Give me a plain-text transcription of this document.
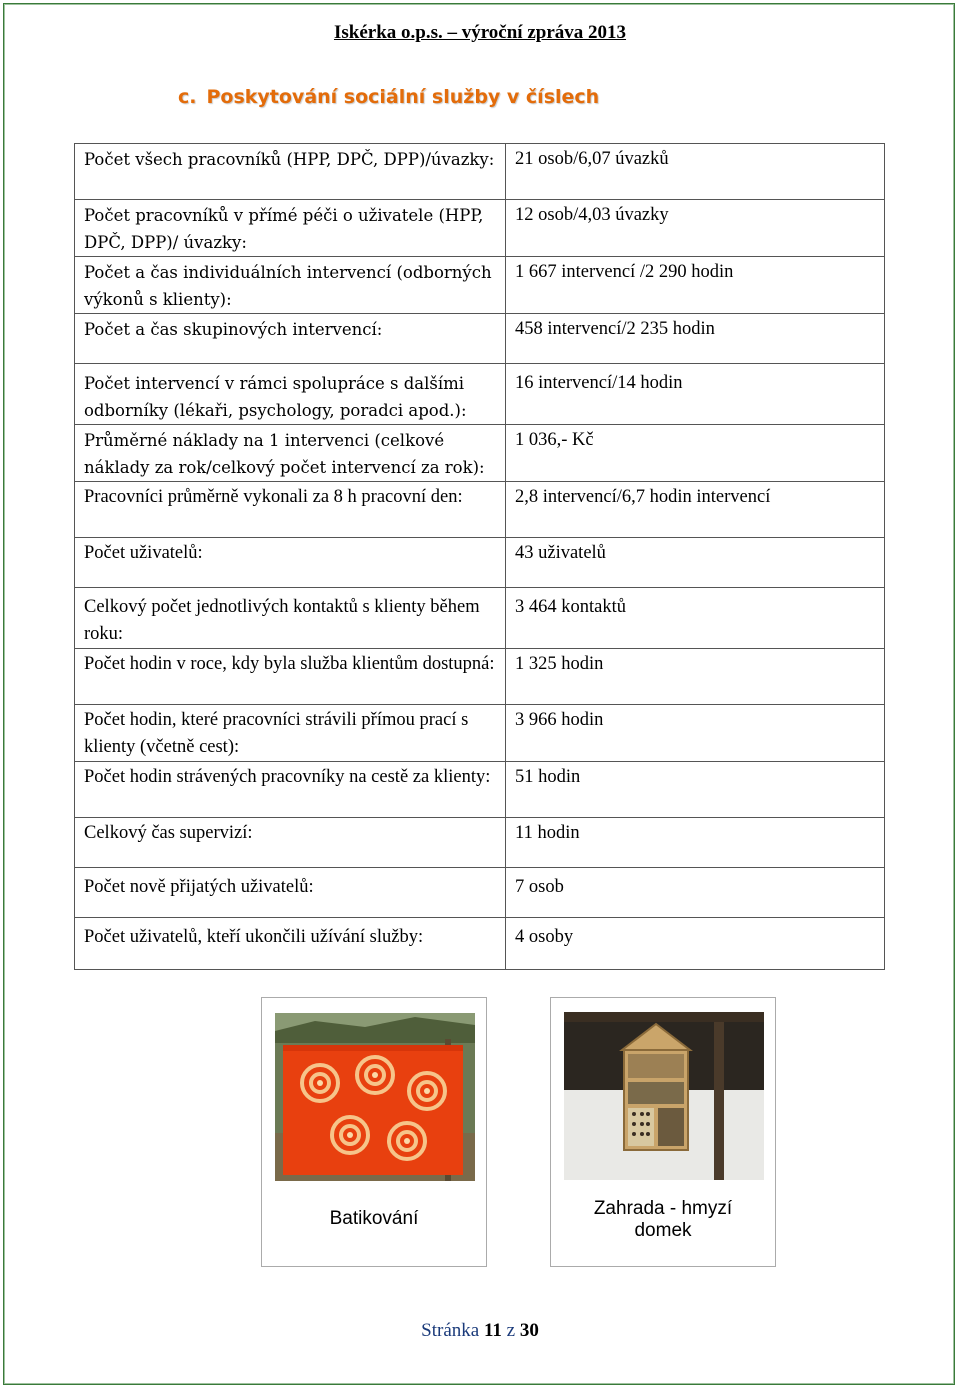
Iskérka o.p.s. – výroční zpráva 2013
c. Poskytování sociální služby v číslech
Počet všech pracovníků (HPP, DPČ, DPP)/úvazky:	21 osob/6,07 úvazků
Počet pracovníků v přímé péči o uživatele (HPP, DPČ, DPP)/ úvazky:	12 osob/4,03 úvazky
Počet a čas individuálních intervencí (odborných výkonů s klienty):	1 667 intervencí /2 290 hodin
Počet a čas skupinových intervencí:	458 intervencí/2 235 hodin
Počet intervencí v rámci spolupráce s dalšími odborníky (lékaři, psychology, poradci apod.):	16 intervencí/14 hodin
Průměrné náklady na 1 intervenci (celkové náklady za rok/celkový počet intervencí za rok):	1 036,- Kč
Pracovníci průměrně vykonali za 8 h pracovní den:	2,8 intervencí/6,7 hodin intervencí
Počet uživatelů:	43 uživatelů
Celkový počet jednotlivých kontaktů s klienty během roku:	3 464 kontaktů
Počet hodin v roce, kdy byla služba klientům dostupná:	1 325 hodin
Počet hodin, které pracovníci strávili přímou prací s klienty (včetně cest):	3 966 hodin
Počet hodin strávených pracovníky na cestě za klienty:	51 hodin
Celkový čas supervizí:	11 hodin
Počet nově přijatých uživatelů:	7 osob
Počet uživatelů, kteří ukončili užívání služby:	4 osoby
Batikování	Zahrada - hmyzí domek
Stránka 11 z 30
